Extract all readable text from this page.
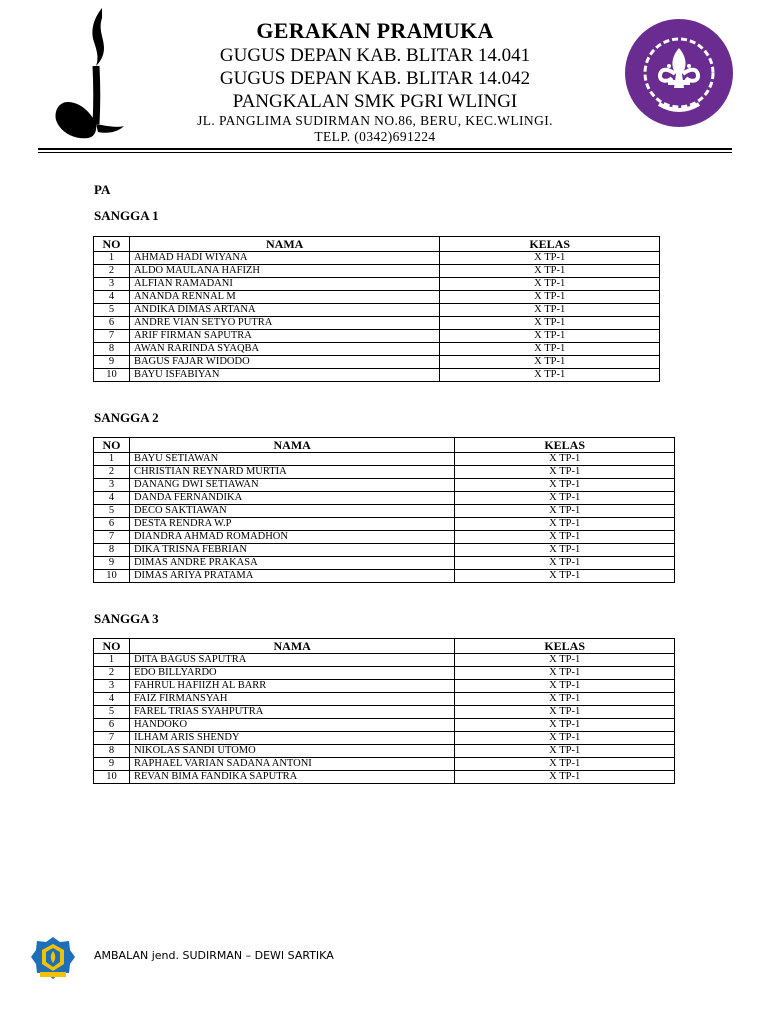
GERAKAN PRAMUKA
GUGUS DEPAN KAB. BLITAR 14.041
GUGUS DEPAN KAB. BLITAR 14.042
PANGKALAN SMK PGRI WLINGI
JL. PANGLIMA SUDIRMAN NO.86, BERU, KEC.WLINGI.
TELP. (0342)691224
PA
SANGGA 1
NO	NAMA	KELAS
1	AHMAD HADI WIYANA	X TP-1
2	ALDO MAULANA HAFIZH	X TP-1
3	ALFIAN RAMADANI	X TP-1
4	ANANDA RENNAL M	X TP-1
5	ANDIKA DIMAS ARTANA	X TP-1
6	ANDRE VIAN SETYO PUTRA	X TP-1
7	ARIF FIRMAN SAPUTRA	X TP-1
8	AWAN RARINDA SYAQBA	X TP-1
9	BAGUS FAJAR WIDODO	X TP-1
10	BAYU ISFABIYAN	X TP-1
SANGGA 2
NO	NAMA	KELAS
1	BAYU SETIAWAN	X TP-1
2	CHRISTIAN REYNARD MURTIA	X TP-1
3	DANANG DWI SETIAWAN	X TP-1
4	DANDA FERNANDIKA	X TP-1
5	DECO SAKTIAWAN	X TP-1
6	DESTA RENDRA W.P	X TP-1
7	DIANDRA AHMAD ROMADHON	X TP-1
8	DIKA TRISNA FEBRIAN	X TP-1
9	DIMAS ANDRE PRAKASA	X TP-1
10	DIMAS ARIYA PRATAMA	X TP-1
SANGGA 3
NO	NAMA	KELAS
1	DITA BAGUS SAPUTRA	X TP-1
2	EDO BILLYARDO	X TP-1
3	FAHRUL HAFIIZH AL BARR	X TP-1
4	FAIZ FIRMANSYAH	X TP-1
5	FAREL TRIAS SYAHPUTRA	X TP-1
6	HANDOKO	X TP-1
7	ILHAM ARIS SHENDY	X TP-1
8	NIKOLAS SANDI UTOMO	X TP-1
9	RAPHAEL VARIAN SADANA ANTONI	X TP-1
10	REVAN BIMA FANDIKA SAPUTRA	X TP-1
AMBALAN jend. SUDIRMAN – DEWI SARTIKA
